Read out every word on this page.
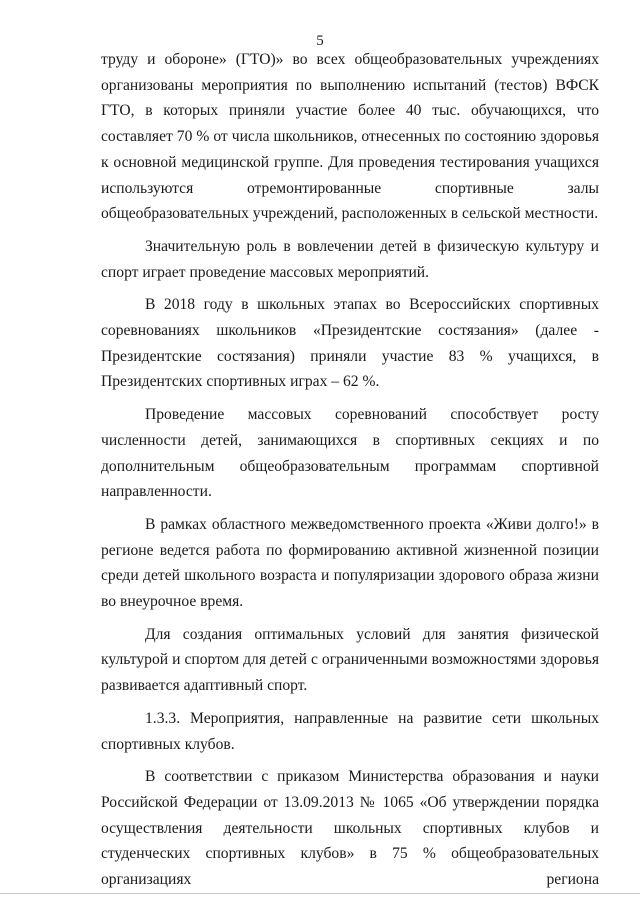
5

труду и обороне» (ГТО)» во всех общеобразовательных учреждениях организованы мероприятия по выполнению испытаний (тестов) ВФСК ГТО, в которых приняли участие более 40 тыс. обучающихся, что составляет 70 % от числа школьников, отнесенных по состоянию здоровья к основной медицинской группе. Для проведения тестирования учащихся используются отремонтированные спортивные залы общеобразовательных учреждений, расположенных в сельской местности.

Значительную роль в вовлечении детей в физическую культуру и спорт играет проведение массовых мероприятий.

В 2018 году в школьных этапах во Всероссийских спортивных соревнованиях школьников «Президентские состязания» (далее - Президентские состязания) приняли участие 83 % учащихся, в Президентских спортивных играх – 62 %.

Проведение массовых соревнований способствует росту численности детей, занимающихся в спортивных секциях и по дополнительным общеобразовательным программам спортивной направленности.

В рамках областного межведомственного проекта «Живи долго!» в регионе ведется работа по формированию активной жизненной позиции среди детей школьного возраста и популяризации здорового образа жизни во внеурочное время.

Для создания оптимальных условий для занятия физической культурой и спортом для детей с ограниченными возможностями здоровья развивается адаптивный спорт.

1.3.3. Мероприятия, направленные на развитие сети школьных спортивных клубов.

В соответствии с приказом Министерства образования и науки Российской Федерации от 13.09.2013 № 1065 «Об утверждении порядка осуществления деятельности школьных спортивных клубов и студенческих спортивных клубов» в 75 % общеобразовательных организациях региона
